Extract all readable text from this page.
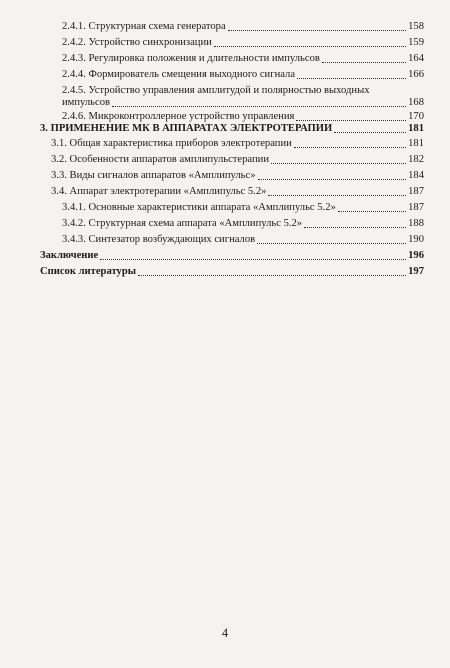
2.4.1. Структурная схема генератора	158
2.4.2. Устройство синхронизации	159
2.4.3. Регулировка положения и длительности импульсов	164
2.4.4. Формирователь смещения выходного сигнала	166
2.4.5. Устройство управления амплитудой и полярностью выходных
импульсов	168
2.4.6. Микроконтроллерное устройство управления	170
3. ПРИМЕНЕНИЕ МК В АППАРАТАХ ЭЛЕКТРОТЕРАПИИ	181
3.1. Общая характеристика приборов электротерапии	181
3.2. Особенности аппаратов амплипульстерапии	182
3.3. Виды сигналов аппаратов «Амплипульс»	184
3.4. Аппарат электротерапии «Амплипульс 5.2»	187
3.4.1. Основные характеристики аппарата «Амплипульс 5.2»	187
3.4.2. Структурная схема аппарата «Амплипульс 5.2»	188
3.4.3. Синтезатор возбуждающих сигналов	190
Заключение	196
Список литературы	197
4
